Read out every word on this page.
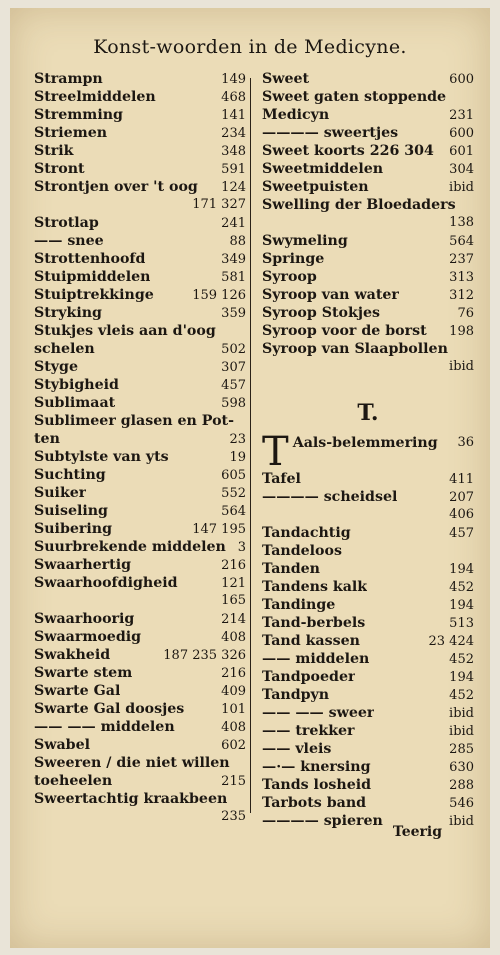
Konst-woorden in de Medicyne.
Strampn	149
Streelmiddelen	468
Stremming	141
Striemen	234
Strik	348
Stront	591
Strontjen over 't oog	124
171 327
Strotlap	241
—— snee	88
Strottenhoofd	349
Stuipmiddelen	581
Stuiptrekkinge	159 126
Stryking	359
Stukjes vleis aan d'oog
schelen	502
Styge	307
Stybigheid	457
Sublimaat	598
Sublimeer glasen en Pot-
ten	23
Subtylste van yts	19
Suchting	605
Suiker	552
Suiseling	564
Suibering	147 195
Suurbrekende middelen 3
Swaarhertig	216
Swaarhoofdigheid	121
165
Swaarhoorig	214
Swaarmoedig	408
Swakheid	187 235 326
Swarte stem	216
Swarte Gal	409
Swarte Gal doosjes	101
—— —— middelen	408
Swabel	602
Sweeren / die niet willen
toeheelen	215
Sweertachtig kraakbeen
235
Sweet	600
Sweet gaten stoppende
Medicyn	231
———— sweertjes	600
Sweet koorts 226 304	601
Sweetmiddelen	304
Sweetpuisten	ibid
Swelling der Bloedaders
138
Swymeling	564
Springe	237
Syroop	313
Syroop van water	312
Syroop Stokjes	76
Syroop voor de borst	198
Syroop van Slaapbollen
ibid
T.
T Aals-belemmering	36
Tafel	411
———— scheidsel	207
406
Tandachtig	457
Tandeloos
Tanden	194
Tandens kalk	452
Tandinge	194
Tand-berbels	513
Tand kassen	23 424
—— middelen	452
Tandpoeder	194
Tandpyn	452
—— —— sweer	ibid
—— trekker	ibid
—— vleis	285
—·— knersing	630
Tands losheid	288
Tarbots band	546
———— spieren	ibid
Teerig
